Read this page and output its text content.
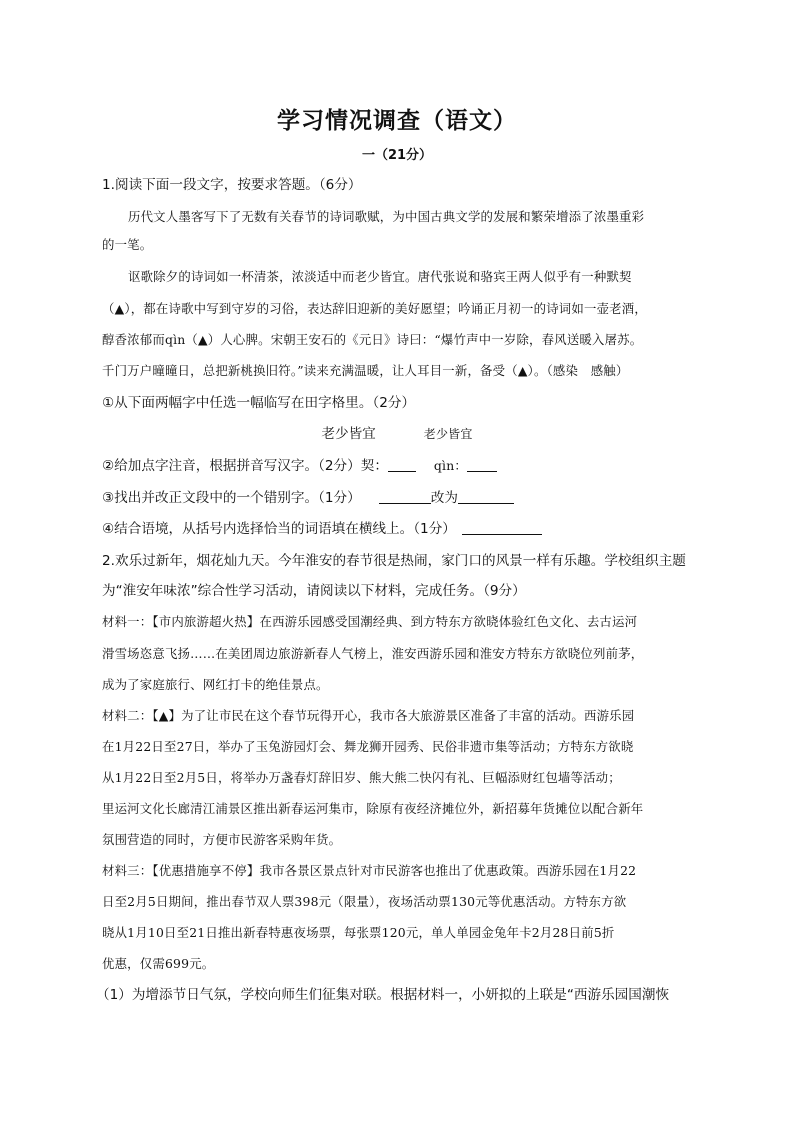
学习情况调查（语文）
一（21分）
1.阅读下面一段文字，按要求答题。（6分）
历代文人墨客写下了无数有关春节的诗词歌赋，为中国古典文学的发展和繁荣增添了浓墨重彩
的一笔。
讴歌除夕的诗词如一杯清茶，浓淡适中而老少皆宜。唐代张说和骆宾王两人似乎有一种默契
（▲），都在诗歌中写到守岁的习俗，表达辞旧迎新的美好愿望；吟诵正月初一的诗词如一壶老酒，
醇香浓郁而qìn（▲）人心脾。宋朝王安石的《元日》诗曰：“爆竹声中一岁除，春风送暖入屠苏。
千门万户曈曈日，总把新桃换旧符。”读来充满温暖，让人耳目一新，备受（▲）。（感染　感触）
①从下面两幅字中任选一幅临写在田字格里。（2分）
老少皆宜	老少皆宜
②给加点字注音，根据拼音写汉字。（2分）契：	qìn：
③找出并改正文段中的一个错别字。（1分）	改为
④结合语境，从括号内选择恰当的词语填在横线上。（1分）
2.欢乐过新年，烟花灿九天。今年淮安的春节很是热闹，家门口的风景一样有乐趣。学校组织主题
为“淮安年味浓”综合性学习活动，请阅读以下材料，完成任务。（9分）
材料一：【市内旅游超火热】在西游乐园感受国潮经典、到方特东方欲晓体验红色文化、去古运河
滑雪场恣意飞扬……在美团周边旅游新春人气榜上，淮安西游乐园和淮安方特东方欲晓位列前茅，
成为了家庭旅行、网红打卡的绝佳景点。
材料二：【▲】为了让市民在这个春节玩得开心，我市各大旅游景区准备了丰富的活动。西游乐园
在1月22日至27日，举办了玉兔游园灯会、舞龙狮开园秀、民俗非遗市集等活动；方特东方欲晓
从1月22日至2月5日，将举办万盏春灯辞旧岁、熊大熊二快闪有礼、巨幅添财红包墙等活动；
里运河文化长廊清江浦景区推出新春运河集市，除原有夜经济摊位外，新招募年货摊位以配合新年
氛围营造的同时，方便市民游客采购年货。
材料三：【优惠措施享不停】我市各景区景点针对市民游客也推出了优惠政策。西游乐园在1月22
日至2月5日期间，推出春节双人票398元（限量），夜场活动票130元等优惠活动。方特东方欲
晓从1月10日至21日推出新春特惠夜场票，每张票120元，单人单园金兔年卡2月28日前5折
优惠，仅需699元。
（1）为增添节日气氛，学校向师生们征集对联。根据材料一，小妍拟的上联是“西游乐园国潮恢
